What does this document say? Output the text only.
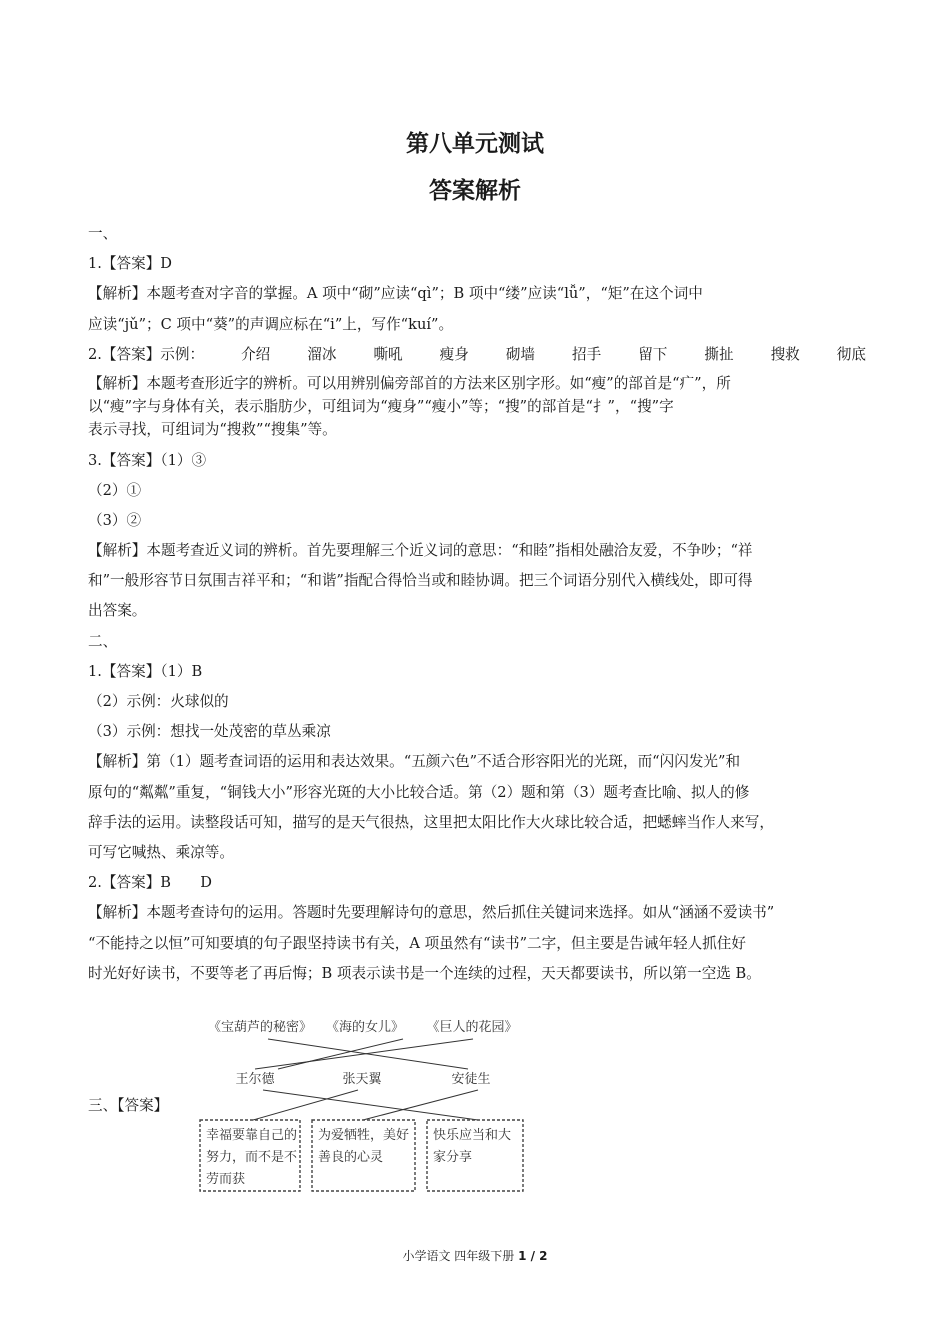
第八单元测试
答案解析
一、
1.【答案】D
【解析】本题考查对字音的掌握。A 项中“砌”应读“qì”；B 项中“缕”应读“lǚ”，“矩”在这个词中
应读“jǔ”；C 项中“葵”的声调应标在“i”上，写作“kuí”。
2.【答案】示例：	介绍	溜冰	嘶吼	瘦身	砌墙	招手	留下	撕扯	搜救	彻底
【解析】本题考查形近字的辨析。可以用辨别偏旁部首的方法来区别字形。如“瘦”的部首是“疒”，所
以“瘦”字与身体有关，表示脂肪少，可组词为“瘦身”“瘦小”等；“搜”的部首是“扌”，“搜”字
表示寻找，可组词为“搜救”“搜集”等。
3.【答案】（1）③
（2）①
（3）②
【解析】本题考查近义词的辨析。首先要理解三个近义词的意思：“和睦”指相处融洽友爱，不争吵；“祥
和”一般形容节日氛围吉祥平和；“和谐”指配合得恰当或和睦协调。把三个词语分别代入横线处，即可得
出答案。
二、
1.【答案】（1）B
（2）示例：火球似的
（3）示例：想找一处茂密的草丛乘凉
【解析】第（1）题考查词语的运用和表达效果。“五颜六色”不适合形容阳光的光斑，而“闪闪发光”和
原句的“粼粼”重复，“铜钱大小”形容光斑的大小比较合适。第（2）题和第（3）题考查比喻、拟人的修
辞手法的运用。读整段话可知，描写的是天气很热，这里把太阳比作大火球比较合适，把蟋蟀当作人来写，
可写它喊热、乘凉等。
2.【答案】B　　D
【解析】本题考查诗句的运用。答题时先要理解诗句的意思，然后抓住关键词来选择。如从“涵涵不爱读书”
“不能持之以恒”可知要填的句子跟坚持读书有关，A 项虽然有“读书”二字，但主要是告诫年轻人抓住好
时光好好读书，不要等老了再后悔；B 项表示读书是一个连续的过程，天天都要读书，所以第一空选 B。
《宝葫芦的秘密》 《海的女儿》 《巨人的花园》
王尔德	张天翼	安徒生
幸福要靠自己的
努力，而不是不
劳而获
为爱牺牲，美好
善良的心灵
快乐应当和大
家分享
三、【答案】
小学语文 四年级下册 1 / 2
